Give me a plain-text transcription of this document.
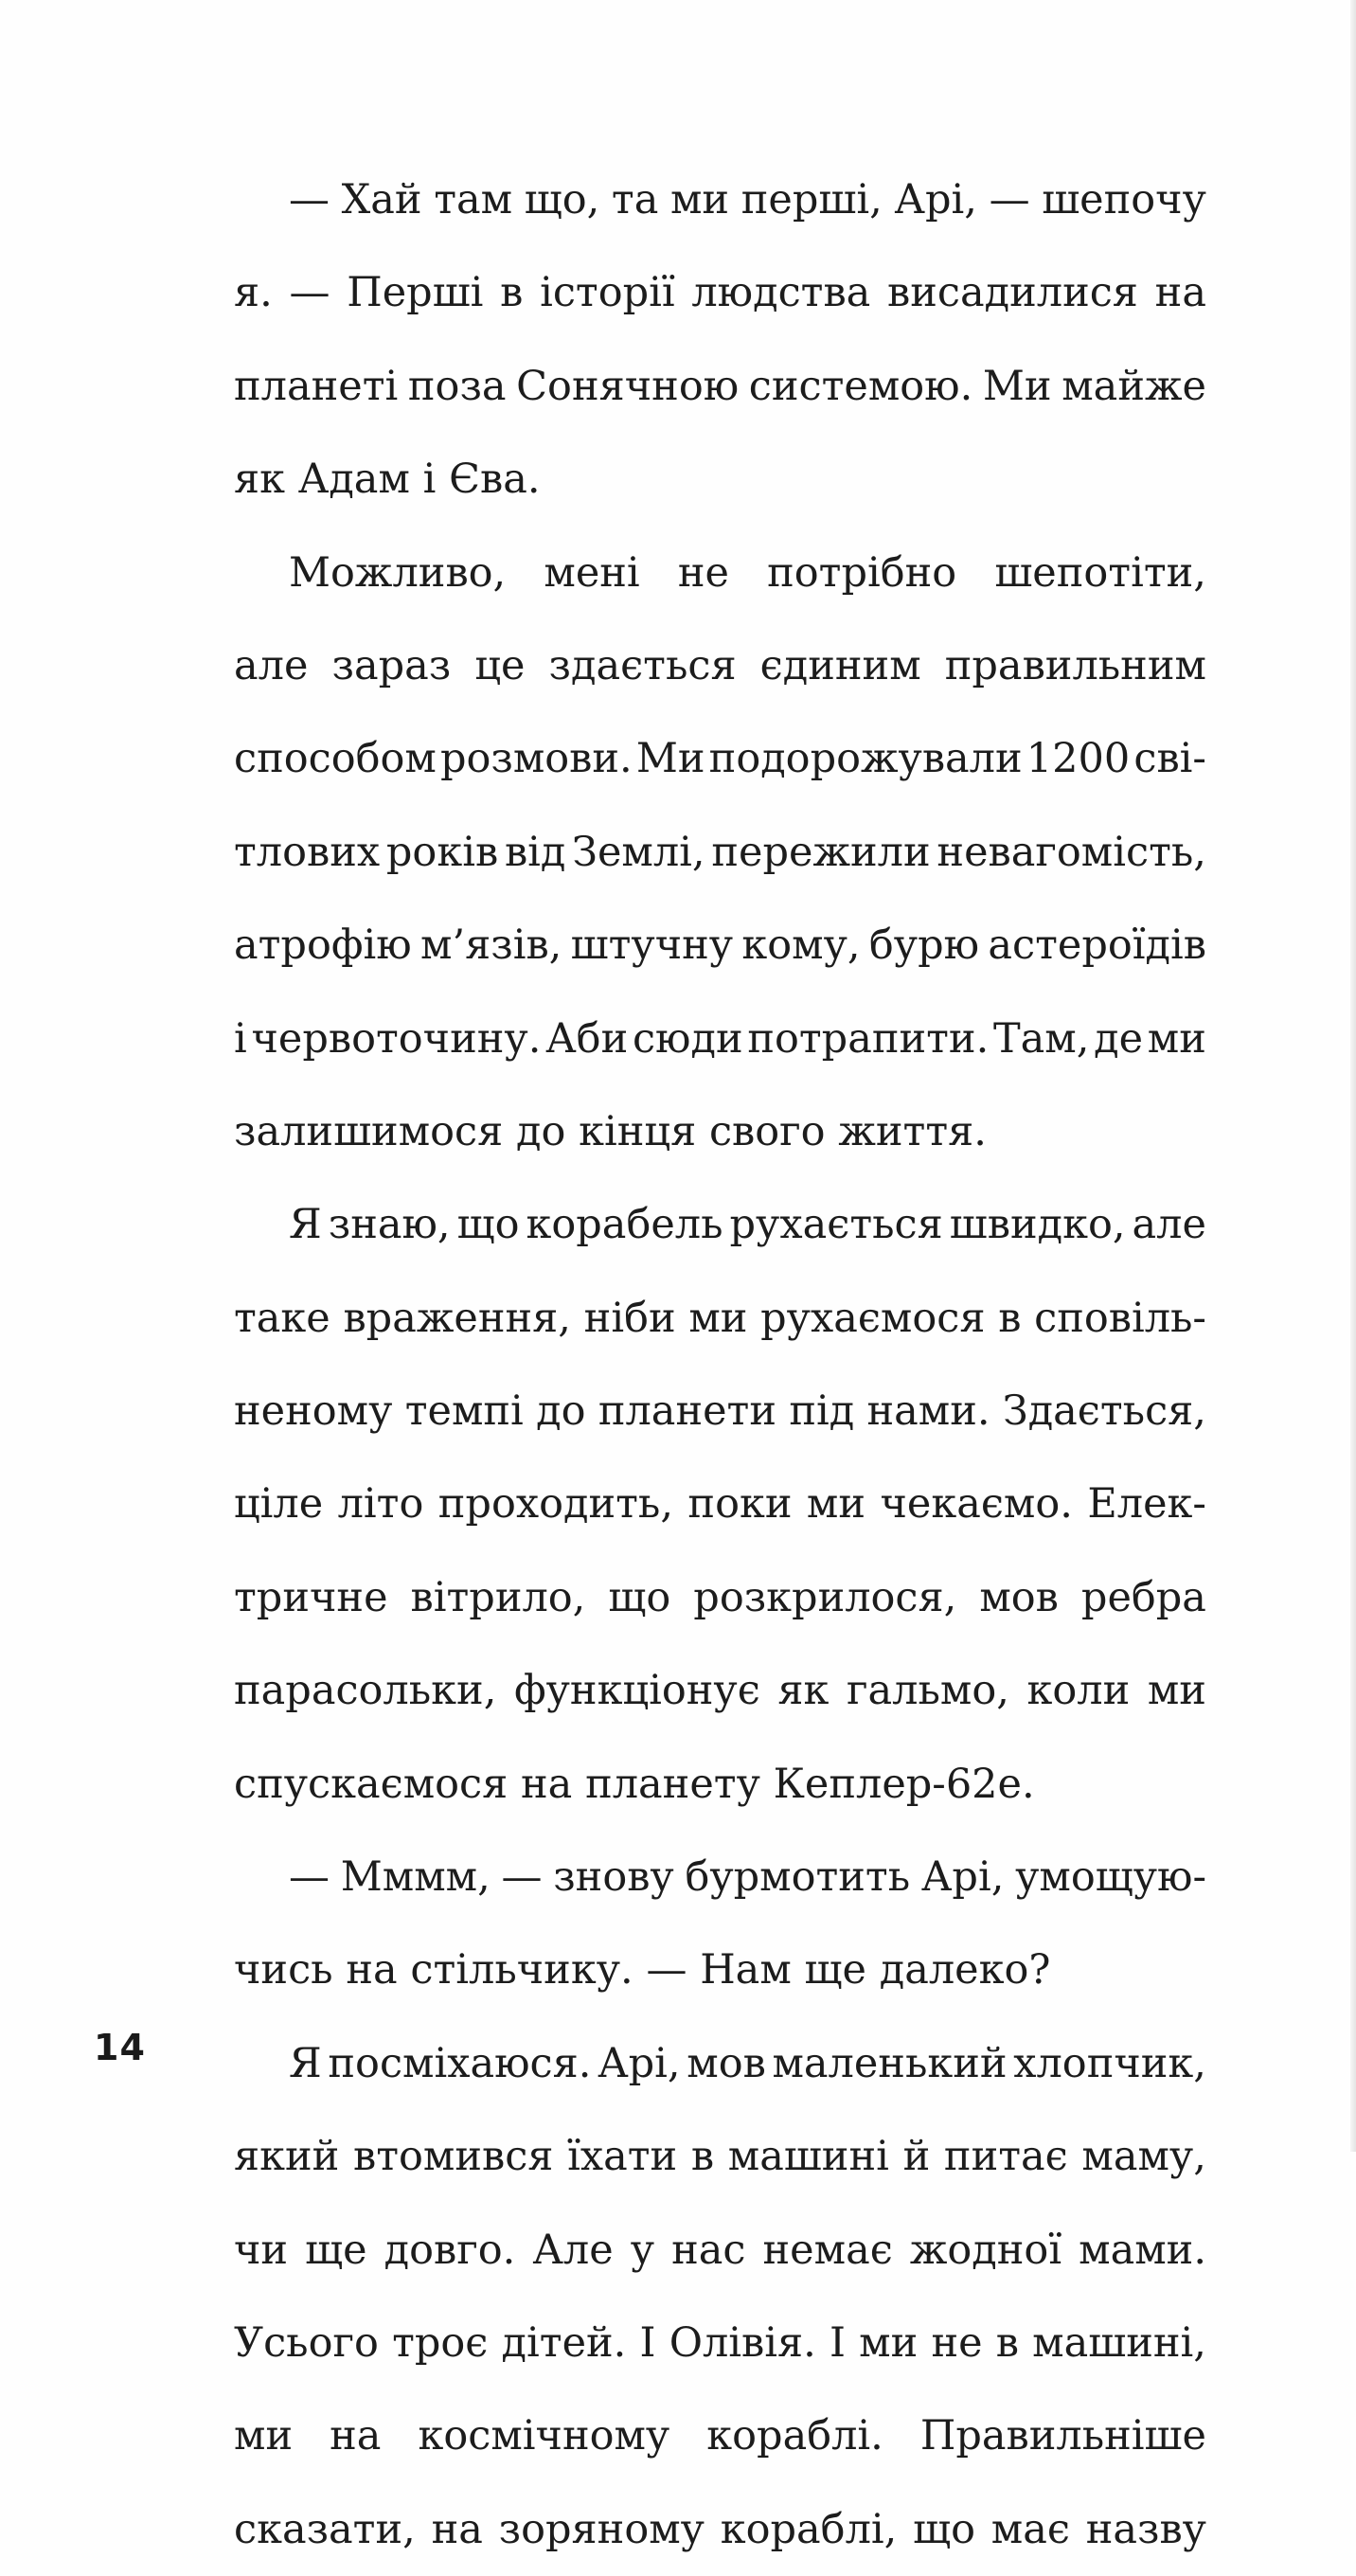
— Хай там що, та ми перші, Арі, — шепочу
я. — Перші в історії людства висадилися на
планеті поза Сонячною системою. Ми майже
як Адам і Єва.
Можливо, мені не потрібно шепотіти,
але зараз це здається єдиним правильним
способом розмови. Ми подорожували 1200 сві-
тлових років від Землі, пережили невагомість,
атрофію м’язів, штучну кому, бурю астероїдів
і червоточину. Аби сюди потрапити. Там, де ми
залишимося до кінця свого життя.
Я знаю, що корабель рухається швидко, але
таке враження, ніби ми рухаємося в сповіль-
неному темпі до планети під нами. Здається,
ціле літо проходить, поки ми чекаємо. Елек-
тричне вітрило, що розкрилося, мов ребра
парасольки, функціонує як гальмо, коли ми
спускаємося на планету Кеплер-62e.
— Мммм, — знову бурмотить Арі, умощую-
чись на стільчику. — Нам ще далеко?
Я посміхаюся. Арі, мов маленький хлопчик,
який втомився їхати в машині й питає маму,
чи ще довго. Але у нас немає жодної мами.
Усього троє дітей. І Олівія. І ми не в машині,
ми на космічному кораблі. Правильніше
сказати, на зоряному кораблі, що має назву
14
